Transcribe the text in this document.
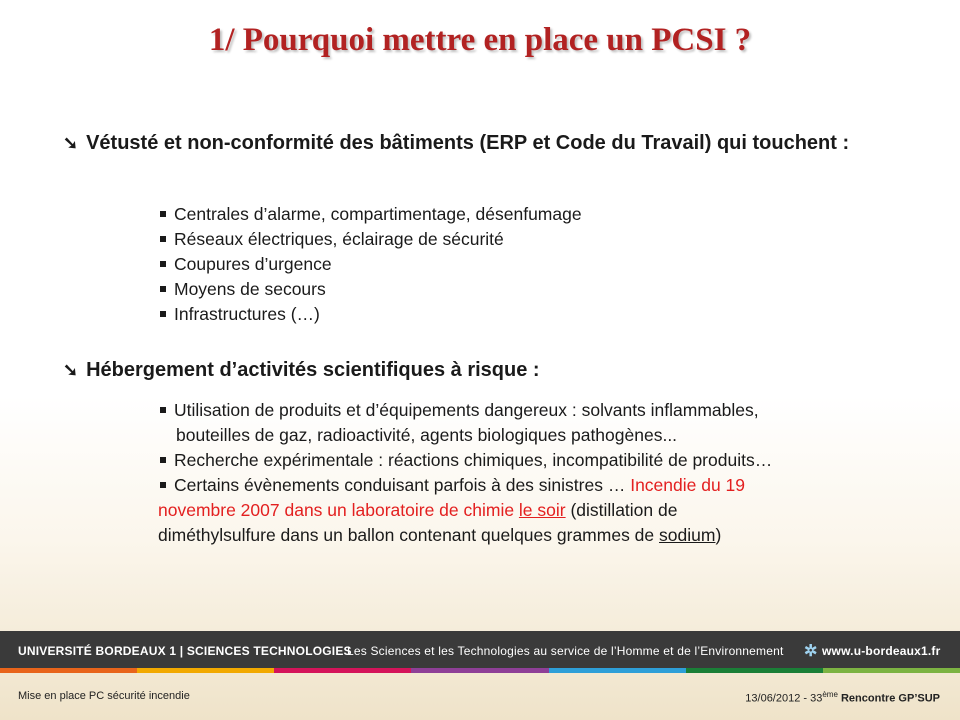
1/ Pourquoi mettre en place un PCSI ?
➘ Vétusté et non-conformité des bâtiments (ERP et Code du Travail) qui touchent :
Centrales d’alarme, compartimentage, désenfumage
Réseaux électriques, éclairage de sécurité
Coupures d’urgence
Moyens de secours
Infrastructures (…)
➘ Hébergement d’activités scientifiques à risque :
Utilisation de produits et d’équipements dangereux : solvants inflammables,
bouteilles de gaz, radioactivité, agents biologiques pathogènes...
Recherche expérimentale : réactions chimiques, incompatibilité de produits…
Certains évènements conduisant parfois à des sinistres … Incendie du 19
novembre 2007 dans un laboratoire de chimie le soir (distillation de
diméthylsulfure dans un ballon contenant quelques grammes de sodium)
UNIVERSITÉ BORDEAUX 1 | SCIENCES TECHNOLOGIES
Les Sciences et les Technologies au service de l’Homme et de l’Environnement ✲ www.u-bordeaux1.fr
Mise en place PC sécurité incendie	13/06/2012 - 33ème Rencontre GP’SUP
